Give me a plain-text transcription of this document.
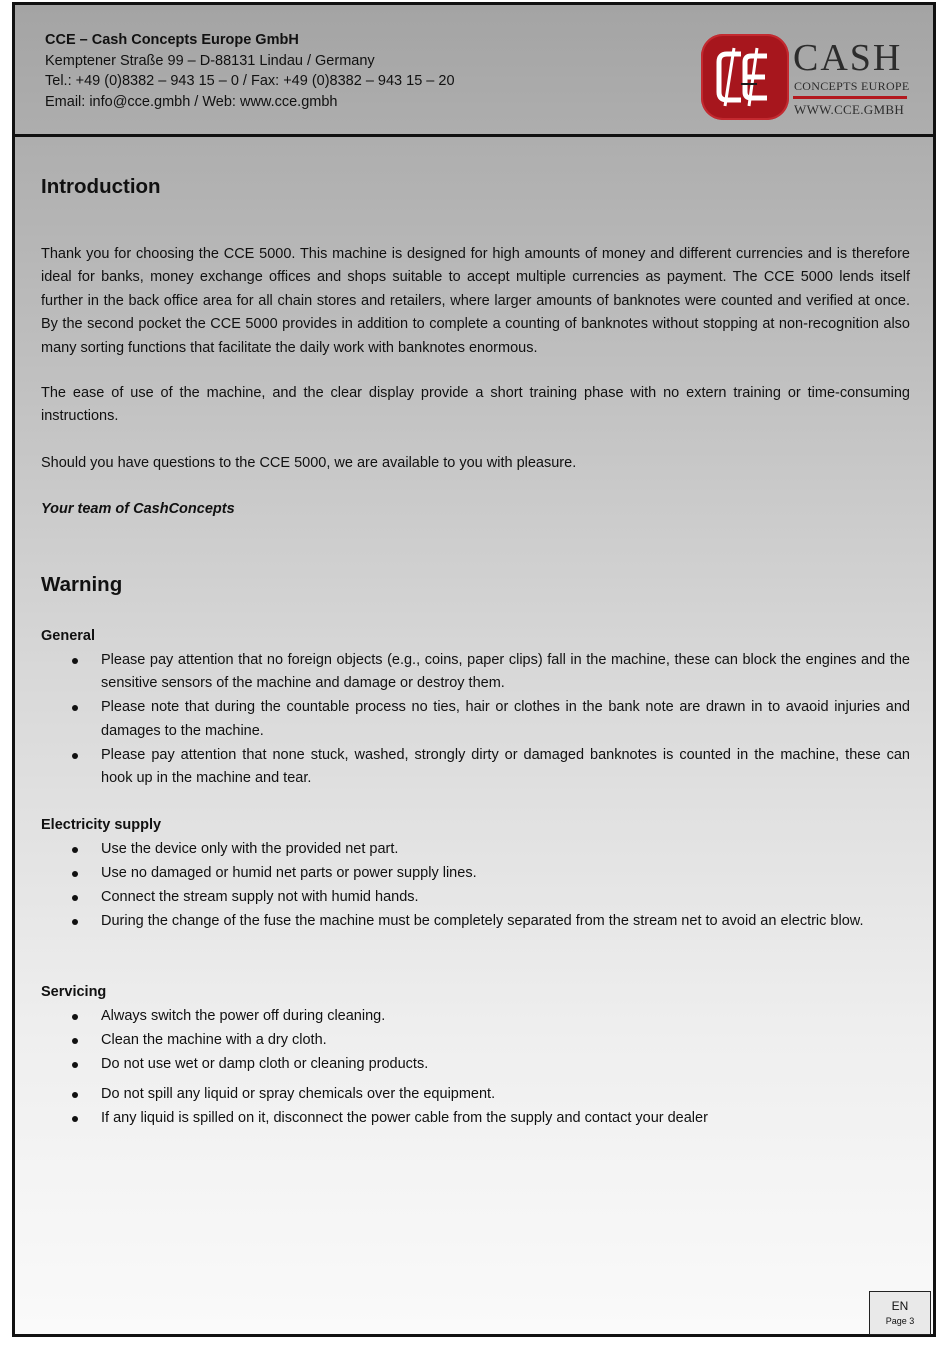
CCE – Cash Concepts Europe GmbH
Kemptener Straße 99 – D-88131 Lindau / Germany
Tel.: +49 (0)8382 – 943 15 – 0 / Fax: +49 (0)8382 – 943 15 – 20
Email: info@cce.gmbh / Web: www.cce.gmbh
CASH
CONCEPTS EUROPE
WWW.CCE.GMBH
Introduction

Thank you for choosing the CCE 5000. This machine is designed for high amounts of money and different currencies and is therefore ideal for banks, money exchange offices and shops suitable to accept multiple currencies as payment. The CCE 5000 lends itself further in the back office area for all chain stores and retailers, where larger amounts of banknotes were counted and verified at once. By the second pocket the CCE 5000 provides in addition to complete a counting of banknotes without stopping at non-recognition also many sorting functions that facilitate the daily work with banknotes enormous.

The ease of use of the machine, and the clear display provide a short training phase with no extern training or time-consuming instructions.

Should you have questions to the CCE 5000, we are available to you with pleasure.

Your team of CashConcepts

Warning
General
Please pay attention that no foreign objects (e.g., coins, paper clips) fall in the machine, these can block the engines and the sensitive sensors of the machine and damage or destroy them.
Please note that during the countable process no ties, hair or clothes in the bank note are drawn in to avaoid injuries and damages to the machine.
Please pay attention that none stuck, washed, strongly dirty or damaged banknotes is counted in the machine, these can hook up in the machine and tear.
Electricity supply
Use the device only with the provided net part.
Use no damaged or humid net parts or power supply lines.
Connect the stream supply not with humid hands.
During the change of the fuse the machine must be completely separated from the stream net to avoid an electric blow.
Servicing
Always switch the power off during cleaning.
Clean the machine with a dry cloth.
Do not use wet or damp cloth or cleaning products.
Do not spill any liquid or spray chemicals over the equipment.
If any liquid is spilled on it, disconnect the power cable from the supply and contact your dealer
EN
Page 3
